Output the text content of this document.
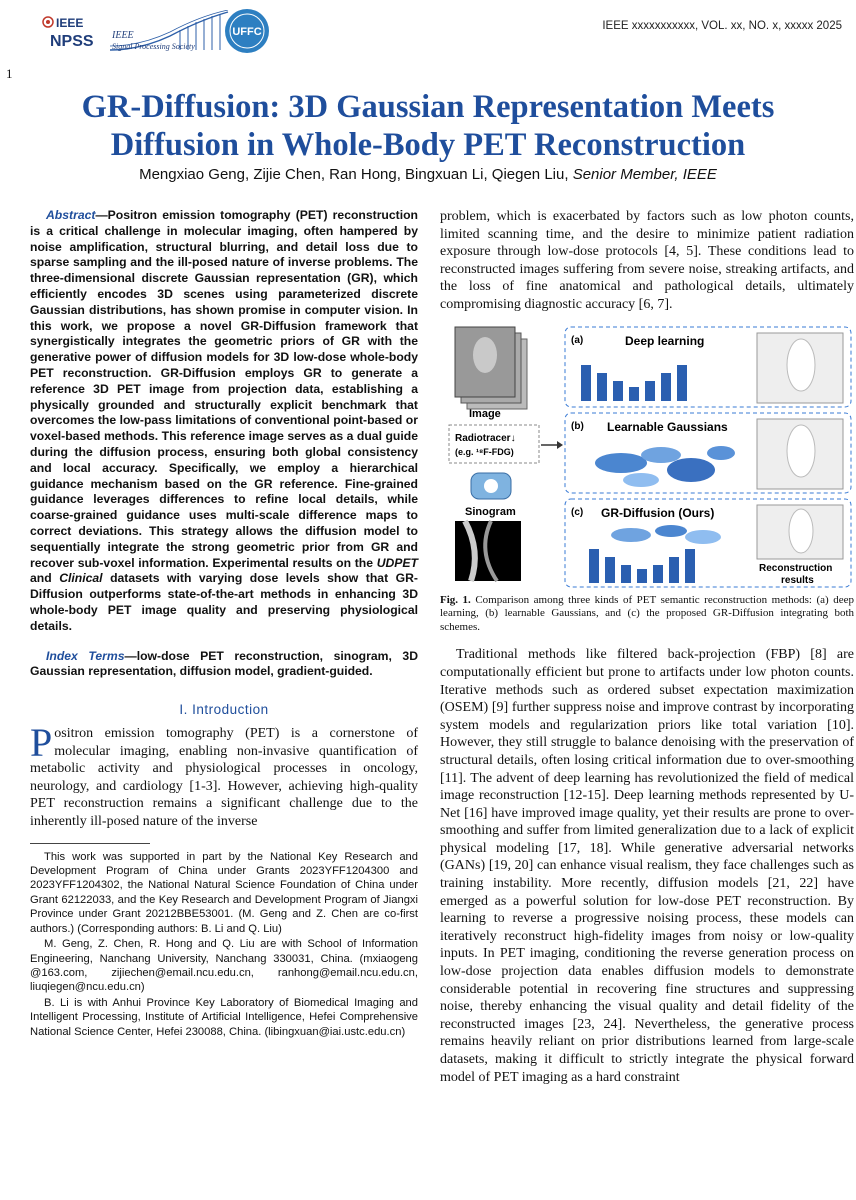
IEEE
NPSS IEEE
Signal Processing Society
UFFC	IEEE xxxxxxxxxxx, VOL. xx, NO. x, xxxxx 2025
1
GR-Diffusion: 3D Gaussian Representation Meets
Diffusion in Whole-Body PET Reconstruction
Mengxiao Geng, Zijie Chen, Ran Hong, Bingxuan Li, Qiegen Liu, Senior Member, IEEE
Abstract—Positron emission tomography (PET) reconstruction is a critical challenge in molecular imaging, often hampered by noise amplification, structural blurring, and detail loss due to sparse sampling and the ill-posed nature of inverse problems. The three-dimensional discrete Gaussian representation (GR), which efficiently encodes 3D scenes using parameterized discrete Gaussian distributions, has shown promise in computer vision. In this work, we propose a novel GR-Diffusion framework that synergistically integrates the geometric priors of GR with the generative power of diffusion models for 3D low-dose whole-body PET reconstruction. GR-Diffusion employs GR to generate a reference 3D PET image from projection data, establishing a physically grounded and structurally explicit benchmark that overcomes the low-pass limitations of conventional point-based or voxel-based methods. This reference image serves as a dual guide during the diffusion process, ensuring both global consistency and local accuracy. Specifically, we employ a hierarchical guidance mechanism based on the GR reference. Fine-grained guidance leverages differences to refine local details, while coarse-grained guidance uses multi-scale difference maps to correct deviations. This strategy allows the diffusion model to sequentially integrate the strong geometric prior from GR and recover sub-voxel information. Experimental results on the UDPET and Clinical datasets with varying dose levels show that GR-Diffusion outperforms state-of-the-art methods in enhancing 3D whole-body PET image quality and preserving physiological details.
Index Terms—low-dose PET reconstruction, sinogram, 3D Gaussian representation, diffusion model, gradient-guided.
I. Introduction
Positron emission tomography (PET) is a cornerstone of molecular imaging, enabling non-invasive quantification of metabolic activity and physiological processes in oncology, neurology, and cardiology [1-3]. However, achieving high-quality PET reconstruction remains a significant challenge due to the inherently ill-posed nature of the inverse

This work was supported in part by the National Key Research and Development Program of China under Grants 2023YFF1204300 and 2023YFF1204302, the National Natural Science Foundation of China under Grant 62122033, and the Key Research and Development Program of Jiangxi Province under Grant 20212BBE53001. (M. Geng and Z. Chen are co-first authors.) (Corresponding authors: B. Li and Q. Liu)

M. Geng, Z. Chen, R. Hong and Q. Liu are with School of Information Engineering, Nanchang University, Nanchang 330031, China. (mxiaogeng @163.com, zijiechen@email.ncu.edu.cn, ranhong@email.ncu.edu.cn, liuqiegen@ncu.edu.cn)

B. Li is with Anhui Province Key Laboratory of Biomedical Imaging and Intelligent Processing, Institute of Artificial Intelligence, Hefei Comprehensive National Science Center, Hefei 230088, China. (libingxuan@iai.ustc.edu.cn)

problem, which is exacerbated by factors such as low photon counts, limited scanning time, and the desire to minimize patient radiation exposure through low-dose protocols [4, 5]. These conditions lead to reconstructed images suffering from severe noise, streaking artifacts, and the loss of fine anatomical and pathological details, ultimately compromising diagnostic accuracy [6, 7].
Image
Radiotracer↓
(e.g. ¹⁸F-FDG)
Sinogram
(a)	Deep learning
(b) Learnable Gaussians
(c) GR-Diffusion (Ours)
Reconstruction
results
Fig. 1. Comparison among three kinds of PET semantic reconstruction methods: (a) deep learning, (b) learnable Gaussians, and (c) the proposed GR-Diffusion integrating both schemes.
Traditional methods like filtered back-projection (FBP) [8] are computationally efficient but prone to artifacts under low photon counts. Iterative methods such as ordered subset expectation maximization (OSEM) [9] further suppress noise and improve contrast by incorporating system models and regularization priors like total variation [10]. However, they still struggle to balance denoising with the preservation of structural details, often losing critical information due to over-smoothing [11]. The advent of deep learning has revolutionized the field of medical image reconstruction [12-15]. Deep learning methods represented by U-Net [16] have improved image quality, yet their results are prone to over-smoothing and suffer from limited generalization due to a lack of explicit physical modeling [17, 18]. While generative adversarial networks (GANs) [19, 20] can enhance visual realism, they face challenges such as training instability. More recently, diffusion models [21, 22] have emerged as a powerful solution for low-dose PET reconstruction. By learning to reverse a progressive noising process, these models can iteratively reconstruct high-fidelity images from noisy or low-quality inputs. In PET imaging, conditioning the reverse generation process on low-dose projection data enables diffusion models to demonstrate considerable potential in recovering fine structures and suppressing noise, thereby enhancing the visual quality and detail fidelity of the reconstructed images [23, 24]. Nevertheless, the generative process remains heavily reliant on prior distributions learned from large-scale datasets, making it difficult to strictly integrate the physical forward model of PET imaging as a hard constraint
